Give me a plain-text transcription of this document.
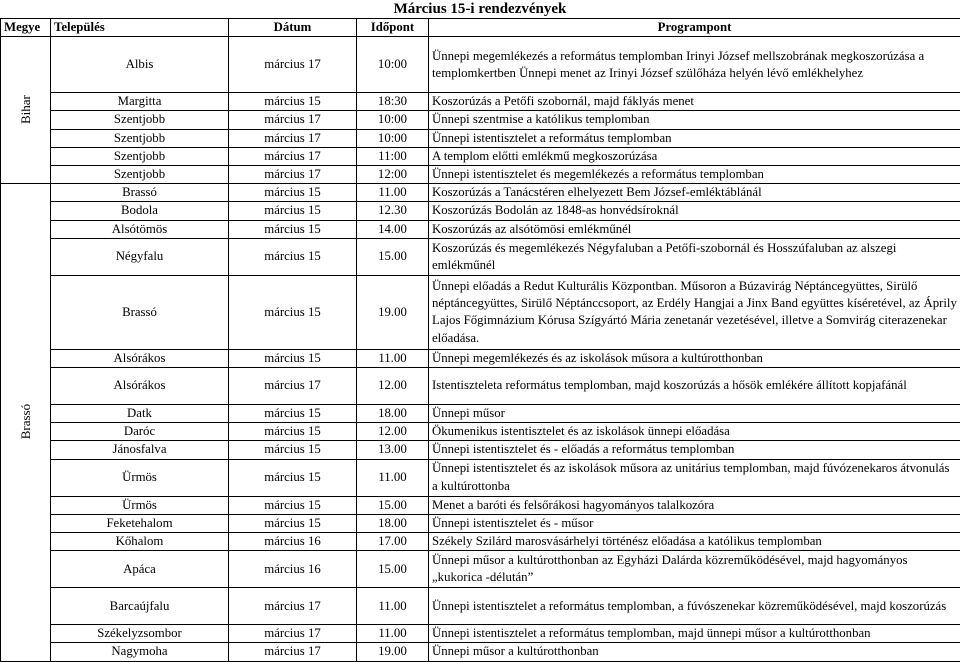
Március 15-i rendezvények
Megye	Település	Dátum	Időpont	Programpont
Bihar	Albis	március 17	10:00	Ünnepi megemlékezés a református templomban Irinyi József mellszobrának megkoszorúzása a templomkertben Ünnepi menet az Irinyi József szülőháza helyén lévő emlékhelyhez
	Margitta	március 15	18:30	Koszorúzás a Petőfi szobornál, majd fáklyás menet
	Szentjobb	március 17	10:00	Ünnepi szentmise a katólikus templomban
	Szentjobb	március 17	10:00	Ünnepi istentisztelet a református templomban
	Szentjobb	március 17	11:00	A templom előtti emlékmű megkoszorúzása
	Szentjobb	március 17	12:00	Ünnepi istentisztelet és megemlékezés a református templomban
Brassó	Brassó	március 15	11.00	Koszorúzás a Tanácstéren elhelyezett Bem József-emléktáblánál
	Bodola	március 15	12.30	Koszorúzás Bodolán az 1848-as honvédsíroknál
	Alsótömös	március 15	14.00	Koszorúzás az alsótömösi emlékműnél
	Négyfalu	március 15	15.00	Koszorúzás és megemlékezés Négyfaluban a Petőfi-szobornál és Hosszúfaluban az alszegi emlékműnél
	Brassó	március 15	19.00	Ünnepi előadás a Redut Kulturális Központban. Műsoron a Búzavirág Néptáncegyüttes, Sirülő néptáncegyüttes, Sirülő Néptánccsoport, az Erdély Hangjai a Jinx Band együttes kíséretével, az Áprily Lajos Főgimnázium Kórusa Szígyártó Mária zenetanár vezetésével, illetve a Somvirág citerazenekar előadása.
	Alsórákos	március 15	11.00	Ünnepi megemlékezés és az iskolások műsora a kultúrotthonban
	Alsórákos	március 17	12.00	Istentiszteleta református templomban, majd koszorúzás a hősök emlékére állított kopjafánál
	Datk	március 15	18.00	Ünnepi műsor
	Daróc	március 15	12.00	Ökumenikus istentisztelet és az iskolások ünnepi előadása
	Jánosfalva	március 15	13.00	Ünnepi istentisztelet és - előadás a református templomban
	Ürmös	március 15	11.00	Ünnepi istentisztelet és az iskolások műsora az unitárius templomban, majd fúvózenekaros átvonulás a kultúrottonba
	Ürmös	március 15	15.00	Menet a baróti és felsőrákosi hagyományos talalkozóra
	Feketehalom	március 15	18.00	Ünnepi istentisztelet és - műsor
	Kőhalom	március 16	17.00	Székely Szilárd marosvásárhelyi történész előadása a katólikus templomban
	Apáca	március 16	15.00	Ünnepi műsor a kultúrotthonban az Egyházi Dalárda közreműködésével, majd hagyományos „kukorica -délután”
	Barcaújfalu	március 17	11.00	Ünnepi istentisztelet a református templomban, a fúvószenekar közreműködésével, majd koszorúzás
	Székelyzsombor	március 17	11.00	Ünnepi istentisztelet a református templomban, majd ünnepi műsor a kultúrotthonban
	Nagymoha	március 17	19.00	Ünnepi műsor a kultúrotthonban
